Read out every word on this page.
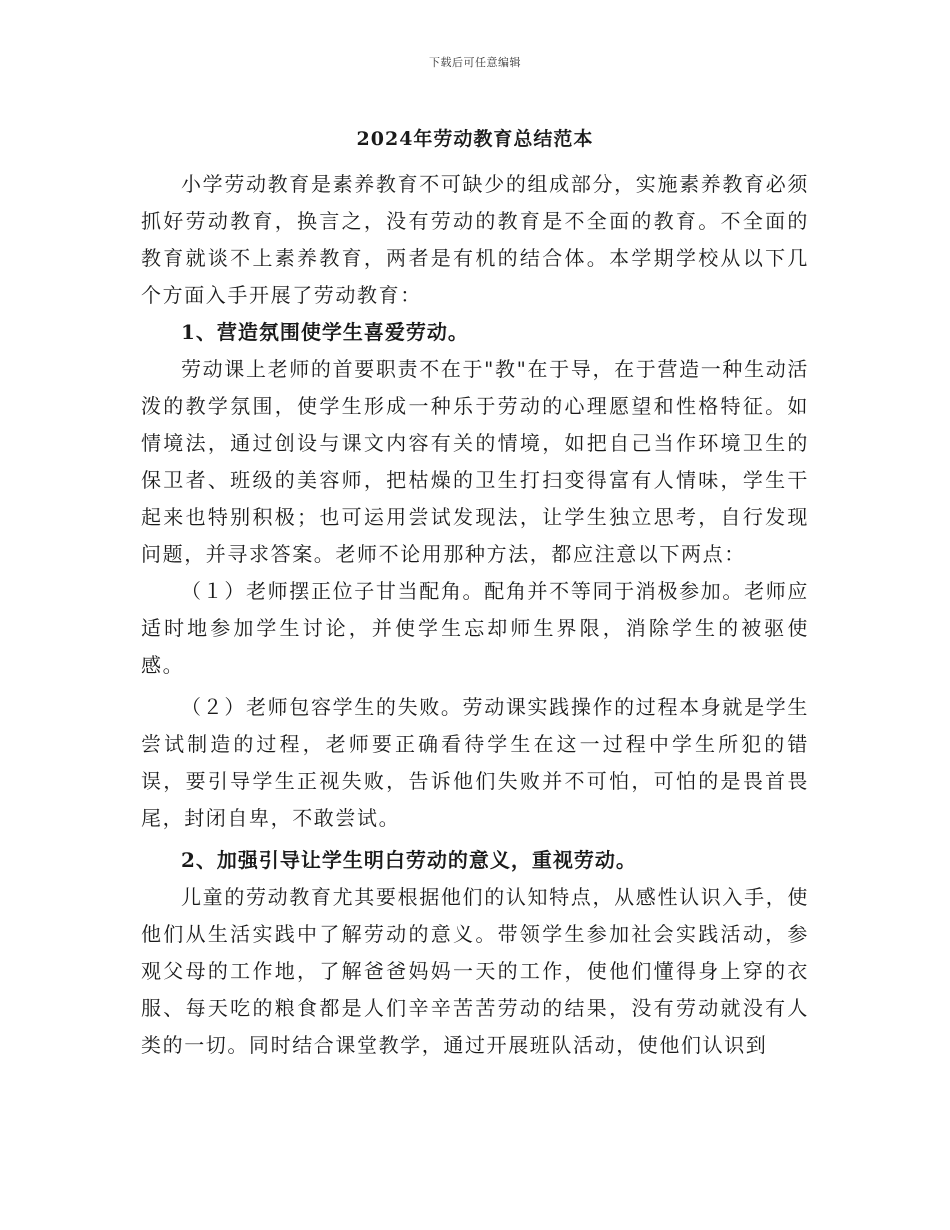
下载后可任意编辑
2024年劳动教育总结范本

小学劳动教育是素养教育不可缺少的组成部分，实施素养教育必须抓好劳动教育，换言之，没有劳动的教育是不全面的教育。不全面的教育就谈不上素养教育，两者是有机的结合体。本学期学校从以下几个方面入手开展了劳动教育：

1、营造氛围使学生喜爱劳动。

劳动课上老师的首要职责不在于"教"在于导，在于营造一种生动活泼的教学氛围，使学生形成一种乐于劳动的心理愿望和性格特征。如情境法，通过创设与课文内容有关的情境，如把自己当作环境卫生的保卫者、班级的美容师，把枯燥的卫生打扫变得富有人情味，学生干起来也特别积极；也可运用尝试发现法，让学生独立思考，自行发现问题，并寻求答案。老师不论用那种方法，都应注意以下两点：

（１）老师摆正位子甘当配角。配角并不等同于消极参加。老师应适时地参加学生讨论，并使学生忘却师生界限，消除学生的被驱使感。

（２）老师包容学生的失败。劳动课实践操作的过程本身就是学生尝试制造的过程，老师要正确看待学生在这一过程中学生所犯的错误，要引导学生正视失败，告诉他们失败并不可怕，可怕的是畏首畏尾，封闭自卑，不敢尝试。

2、加强引导让学生明白劳动的意义，重视劳动。

儿童的劳动教育尤其要根据他们的认知特点，从感性认识入手，使他们从生活实践中了解劳动的意义。带领学生参加社会实践活动，参观父母的工作地，了解爸爸妈妈一天的工作，使他们懂得身上穿的衣服、每天吃的粮食都是人们辛辛苦苦劳动的结果，没有劳动就没有人类的一切。同时结合课堂教学，通过开展班队活动，使他们认识到
